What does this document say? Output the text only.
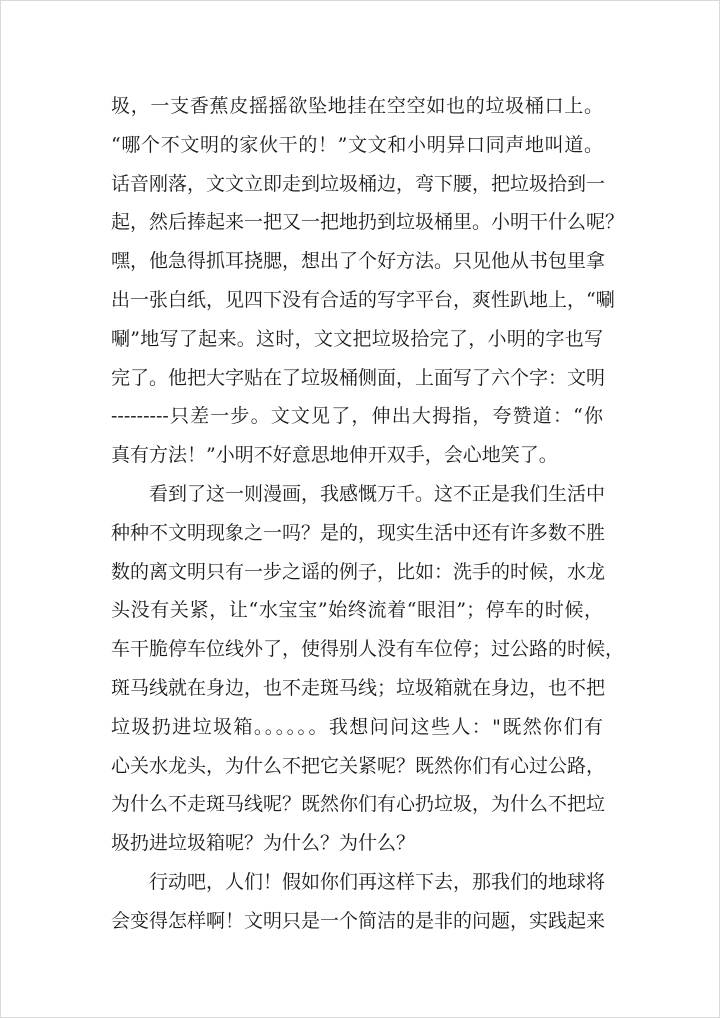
圾，一支香蕉皮摇摇欲坠地挂在空空如也的垃圾桶口上。
“哪个不文明的家伙干的！”文文和小明异口同声地叫道。
话音刚落，文文立即走到垃圾桶边，弯下腰，把垃圾拾到一
起，然后捧起来一把又一把地扔到垃圾桶里。小明干什么呢？
嘿，他急得抓耳挠腮，想出了个好方法。只见他从书包里拿
出一张白纸，见四下没有合适的写字平台，爽性趴地上，“唰
唰”地写了起来。这时，文文把垃圾拾完了，小明的字也写
完了。他把大字贴在了垃圾桶侧面，上面写了六个字：文明
---------只差一步。文文见了，伸出大拇指，夸赞道：“你
真有方法！”小明不好意思地伸开双手，会心地笑了。
　　看到了这一则漫画，我感慨万千。这不正是我们生活中
种种不文明现象之一吗？是的，现实生活中还有许多数不胜
数的离文明只有一步之谣的例子，比如：洗手的时候，水龙
头没有关紧，让“水宝宝”始终流着“眼泪”；停车的时候，
车干脆停车位线外了，使得别人没有车位停；过公路的时候，
斑马线就在身边，也不走斑马线；垃圾箱就在身边，也不把
垃圾扔进垃圾箱。。。。。。我想问问这些人："既然你们有
心关水龙头，为什么不把它关紧呢？既然你们有心过公路，
为什么不走斑马线呢？既然你们有心扔垃圾，为什么不把垃
圾扔进垃圾箱呢？为什么？为什么？
　　行动吧，人们！假如你们再这样下去，那我们的地球将
会变得怎样啊！文明只是一个简洁的是非的问题，实践起来
